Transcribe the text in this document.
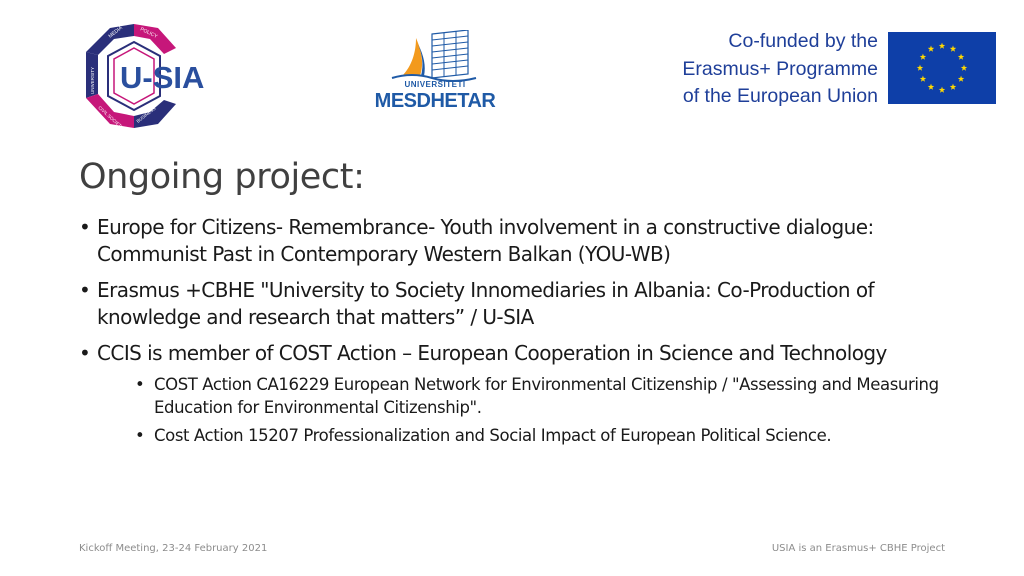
MEDIA	POLICY
UNIVERSITY
CIVIL SOCIETY BUSINESS
U-SIA	UNIVERSITETI
MESDHETAR
Co-funded by the
Erasmus+ Programme
of the European Union
Ongoing project:
• Europe for Citizens- Remembrance- Youth involvement in a constructive dialogue: Communist Past in Contemporary Western Balkan (YOU-WB)
• Erasmus +CBHE "University to Society Innomediaries in Albania: Co-Production of knowledge and research that matters” / U-SIA
• CCIS is member of COST Action – European Cooperation in Science and Technology
• COST Action CA16229 European Network for Environmental Citizenship / "Assessing and Measuring Education for Environmental Citizenship".
• Cost Action 15207 Professionalization and Social Impact of European Political Science.
Kickoff Meeting, 23-24 February 2021	USIA is an Erasmus+ CBHE Project
